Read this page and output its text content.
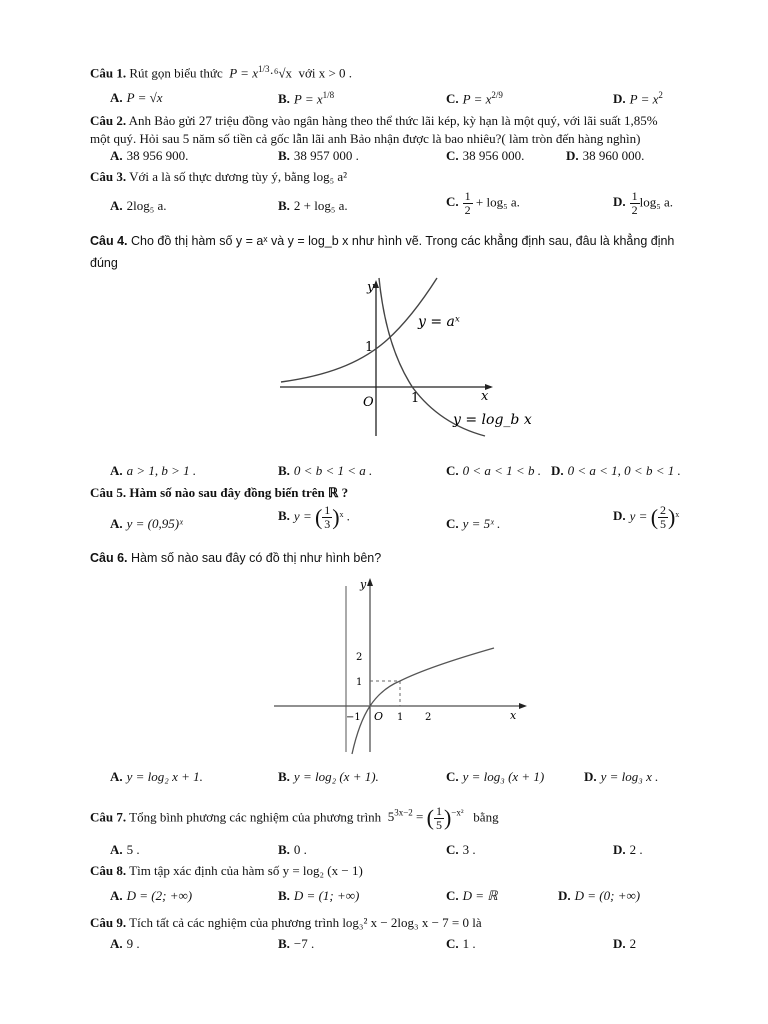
Câu 1. Rút gọn biểu thức $P = x^{1/3}\cdot^6√x$ với x > 0 .
A. P = √x	B. $P = x^{1/8}$	C. $P = x^{2/9}$	D. $P = x^2$
Câu 2. Anh Bảo gửi 27 triệu đồng vào ngân hàng theo thể thức lãi kép, kỳ hạn là một quý, với lãi suất 1,85%
một quý. Hỏi sau 5 năm số tiền cả gốc lẫn lãi anh Bảo nhận được là bao nhiêu?( làm tròn đến hàng nghìn)
A. 38 956 900.	B. 38 957 000 .	C. 38 956 000.	D. 38 960 000.
Câu 3. Với a là số thực dương tùy ý, bằng log₅ a²
A. 2log₅ a.	B. 2 + log₅ a.	C. $\frac{1}{2} + \log_5$ a.	D. $\frac{1}{2} \log_5$ a.
Câu 4. Cho đồ thị hàm số y = aˣ và y = log_b x như hình vẽ. Trong các khẳng định sau, đâu là khẳng định
đúng
y
x
O
1
1
y = aˣ
y = log_b x
A. a > 1, b > 1 .	B. 0 < b < 1 < a .	C. 0 < a < 1 < b . D. 0 < a < 1, 0 < b < 1 .
Câu 5. Hàm số nào sau đây đồng biến trên ℝ ?
A. y = (0,95)ˣ
B. y = ( $\frac{1}{3}$ )ˣ .
C. y = 5ˣ .
D. y = ( $\frac{2}{5}$ )ˣ
Câu 6. Hàm số nào sau đây có đồ thị như hình bên?
y
x
O
2
1
−1	1 2
A. y = log₂ x + 1.	B. y = log₂ (x + 1).	C. y = log₃ (x + 1)	D. y = log₃ x .
Câu 7. Tổng bình phương các nghiệm của phương trình $5^{3x-2}$ = ( $\frac{1}{5} )^{-x^2}$ bằng
A. 5 .	B. 0 .	C. 3 .	D. 2 .
Câu 8. Tìm tập xác định của hàm số y = log₂ (x − 1)
A. D = (2; +∞)	B. D = (1; +∞)	C. D = ℝ	D. D = (0; +∞)
Câu 9. Tích tất cả các nghiệm của phương trình log₃² x − 2log₃ x − 7 = 0 là
A. 9 .	B. −7 .	C. 1 .	D. 2
